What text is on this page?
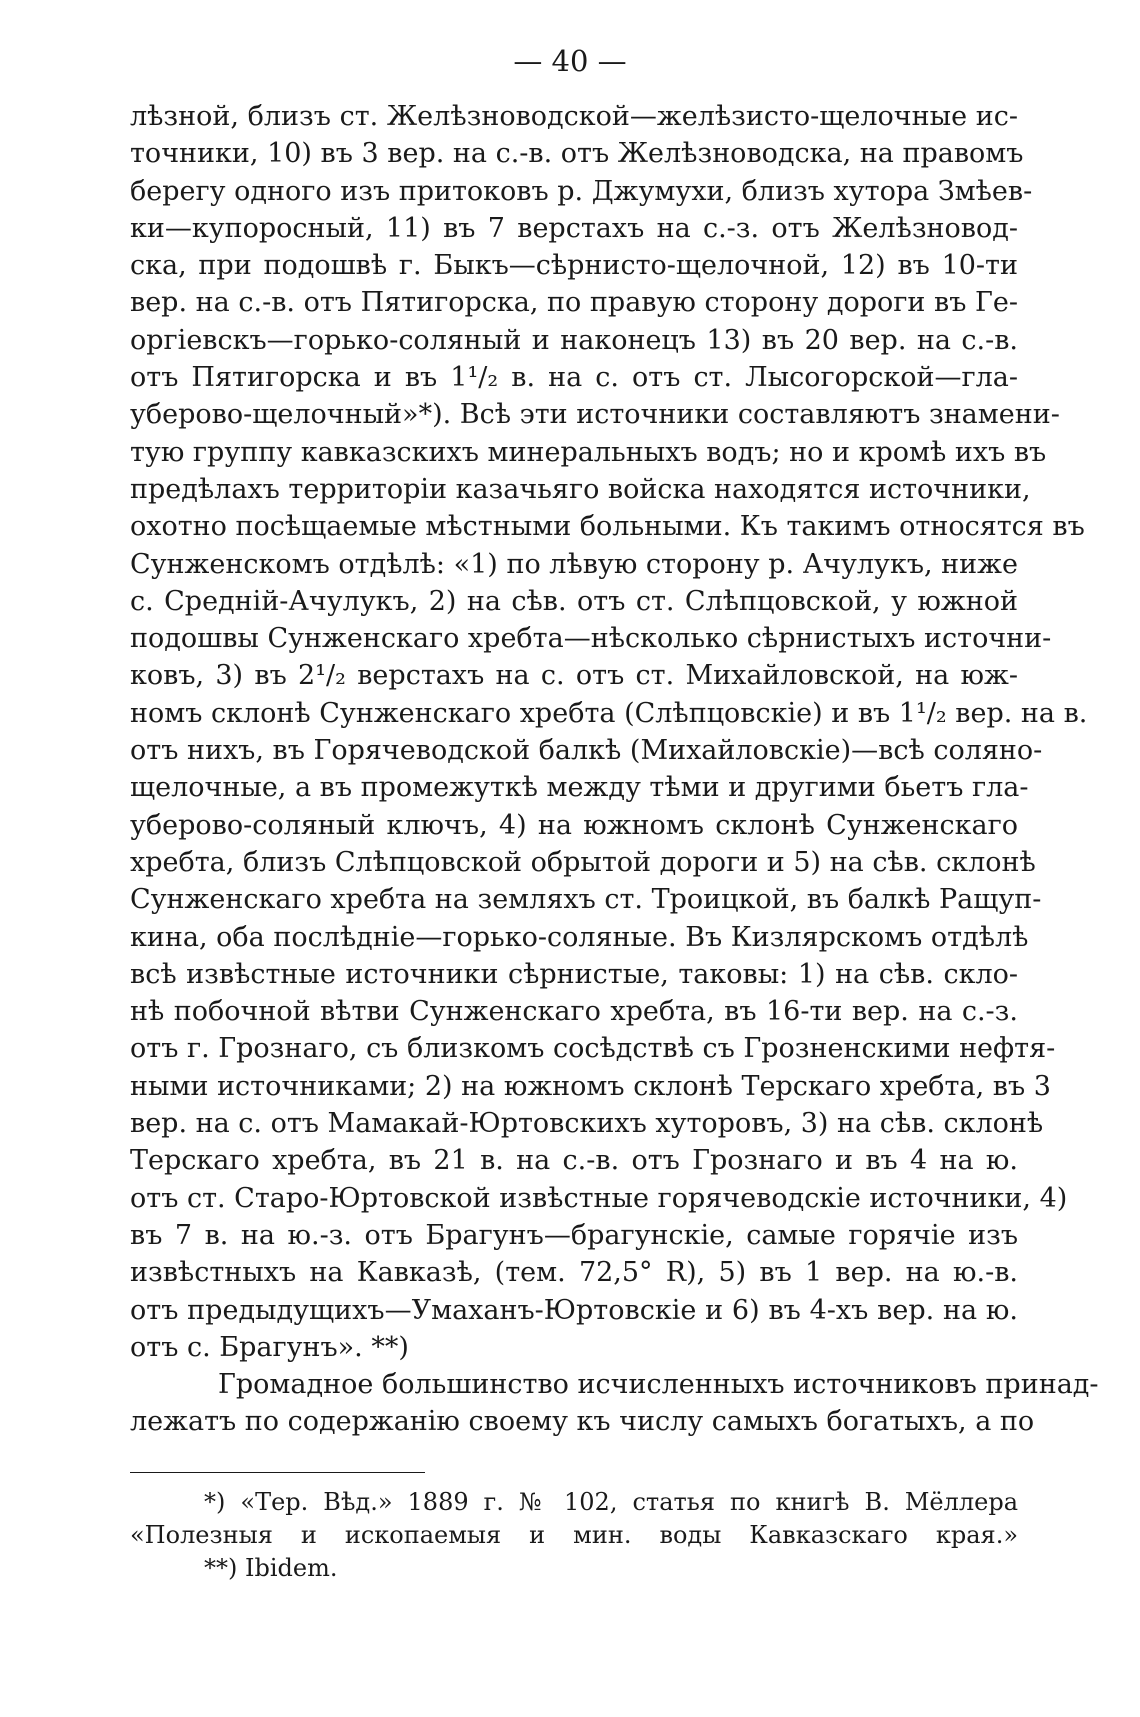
— 40 —
лѣзной, близъ ст. Желѣзноводской—желѣзисто-щелочные ис-
точники, 10) въ 3 вер. на с.-в. отъ Желѣзноводска, на правомъ
берегу одного изъ притоковъ р. Джумухи, близъ хутора Змѣев-
ки—купоросный, 11) въ 7 верстахъ на с.-з. отъ Желѣзновод-
ска, при подошвѣ г. Быкъ—сѣрнисто-щелочной, 12) въ 10-ти
вер. на с.-в. отъ Пятигорска, по правую сторону дороги въ Ге-
оргіевскъ—горько-соляный и наконецъ 13) въ 20 вер. на с.-в.
отъ Пятигорска и въ 1¹/₂ в. на с. отъ ст. Лысогорской—гла-
уберово-щелочный»*). Всѣ эти источники составляютъ знамени-
тую группу кавказскихъ минеральныхъ водъ; но и кромѣ ихъ въ
предѣлахъ территоріи казачьяго войска находятся источники,
охотно посѣщаемые мѣстными больными. Къ такимъ относятся въ
Сунженскомъ отдѣлѣ: «1) по лѣвую сторону р. Ачулукъ, ниже
с. Средній-Ачулукъ, 2) на сѣв. отъ ст. Слѣпцовской, у южной
подошвы Сунженскаго хребта—нѣсколько сѣрнистыхъ источни-
ковъ, 3) въ 2¹/₂ верстахъ на с. отъ ст. Михайловской, на юж-
номъ склонѣ Сунженскаго хребта (Слѣпцовскіе) и въ 1¹/₂ вер. на в.
отъ нихъ, въ Горячеводской балкѣ (Михайловскіе)—всѣ соляно-
щелочные, а въ промежуткѣ между тѣми и другими бьетъ гла-
уберово-соляный ключъ, 4) на южномъ склонѣ Сунженскаго
хребта, близъ Слѣпцовской обрытой дороги и 5) на сѣв. склонѣ
Сунженскаго хребта на земляхъ ст. Троицкой, въ балкѣ Ращуп-
кина, оба послѣдніе—горько-соляные. Въ Кизлярскомъ отдѣлѣ
всѣ извѣстные источники сѣрнистые, таковы: 1) на сѣв. скло-
нѣ побочной вѣтви Сунженскаго хребта, въ 16-ти вер. на с.-з.
отъ г. Грознаго, съ близкомъ сосѣдствѣ съ Грозненскими нефтя-
ными источниками; 2) на южномъ склонѣ Терскаго хребта, въ 3
вер. на с. отъ Мамакай-Юртовскихъ хуторовъ, 3) на сѣв. склонѣ
Терскаго хребта, въ 21 в. на с.-в. отъ Грознаго и въ 4 на ю.
отъ ст. Старо-Юртовской извѣстные горячеводскіе источники, 4)
въ 7 в. на ю.-з. отъ Брагунъ—брагунскіе, самые горячіе изъ
извѣстныхъ на Кавказѣ, (тем. 72,5° R), 5) въ 1 вер. на ю.-в.
отъ предыдущихъ—Умаханъ-Юртовскіе и 6) въ 4-хъ вер. на ю.
отъ с. Брагунъ». **)
Громадное большинство исчисленныхъ источниковъ принад-
лежатъ по содержанію своему къ числу самыхъ богатыхъ, а по
*) «Тер. Вѣд.» 1889 г. № 102, статья по книгѣ В. Мёллера
«Полезныя и ископаемыя и мин. воды Кавказскаго края.»
**) Ibidem.
